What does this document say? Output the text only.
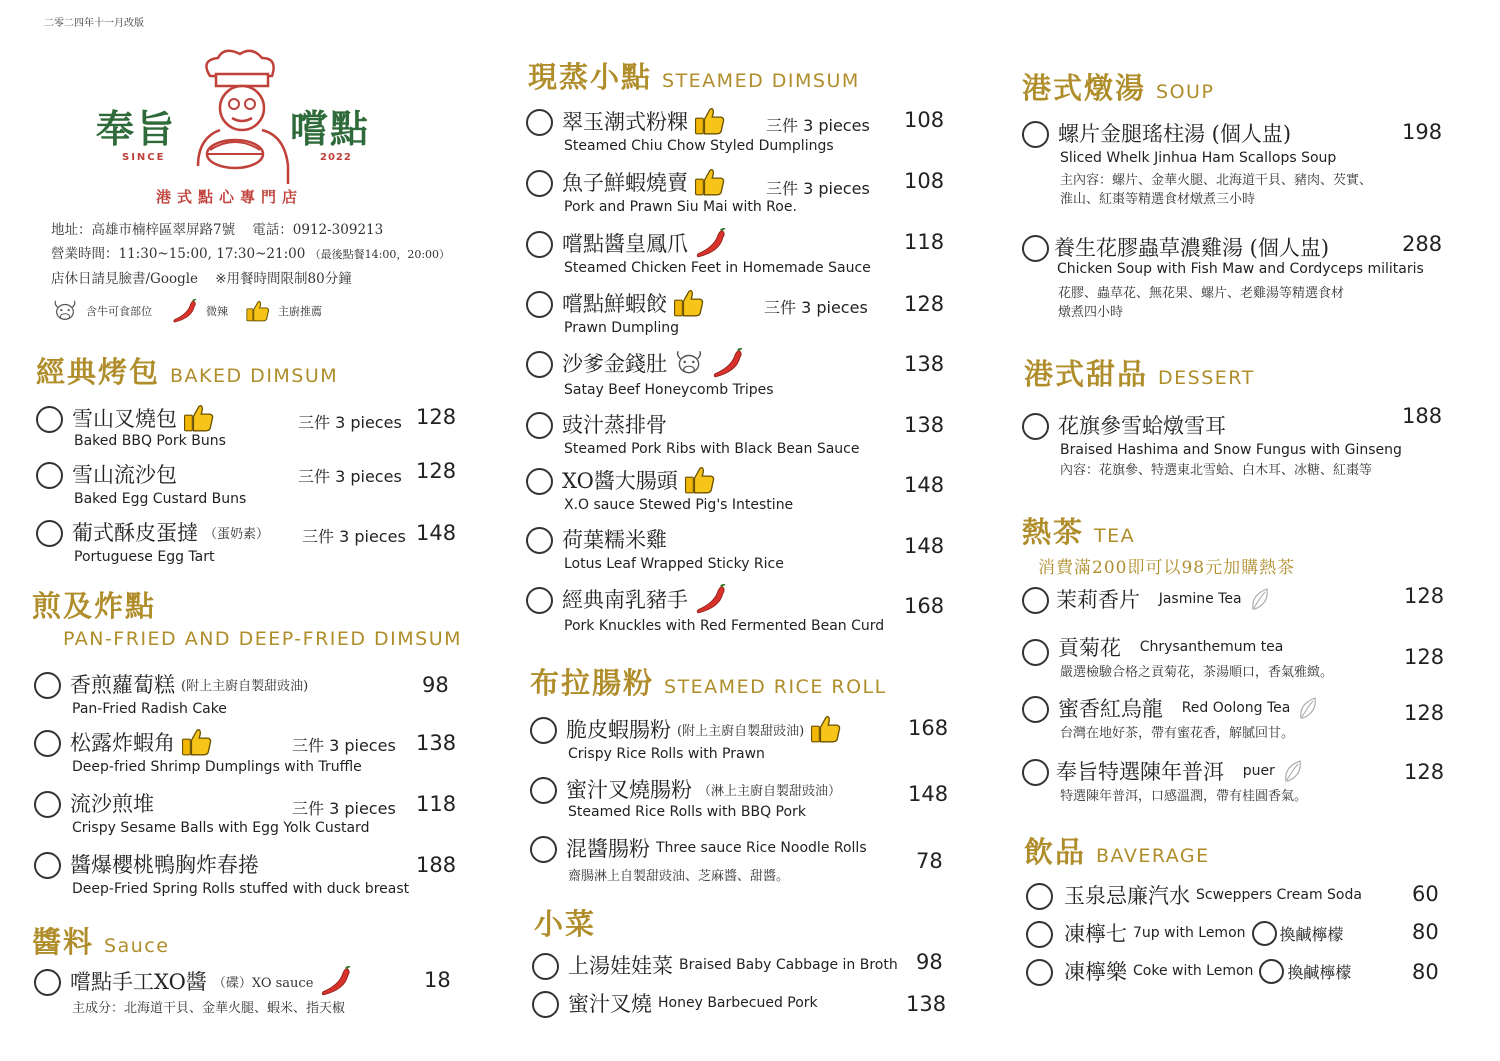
二零二四年十一月改版
奉旨	嚐點
SINCE	2022
港式點心專門店
地址：高雄市楠梓區翠屏路7號 電話：0912-309213
營業時間：11:30~15:00, 17:30~21:00 （最後點餐14:00，20:00）
店休日請見臉書/Google ※用餐時間限制80分鐘
含牛可食部位	微辣	主廚推薦
經典烤包 BAKED DIMSUM
雪山叉燒包	三件 3 pieces 128
Baked BBQ Pork Buns
雪山流沙包	三件 3 pieces 128
Baked Egg Custard Buns
葡式酥皮蛋撻 （蛋奶素） 三件 3 pieces 148
Portuguese Egg Tart
煎及炸點
PAN-FRIED AND DEEP-FRIED DIMSUM
香煎蘿蔔糕 (附上主廚自製甜豉油)	98
Pan-Fried Radish Cake
松露炸蝦角	三件 3 pieces 138
Deep-fried Shrimp Dumplings with Truffle
流沙煎堆	三件 3 pieces 118
Crispy Sesame Balls with Egg Yolk Custard
醬爆櫻桃鴨胸炸春捲	188
Deep-Fried Spring Rolls stuffed with duck breast
醬料 Sauce
嚐點手工XO醬 （碟）XO sauce	18
主成分：北海道干貝、金華火腿、蝦米、指天椒
現蒸小點 STEAMED DIMSUM
翠玉潮式粉粿	三件 3 pieces 108
Steamed Chiu Chow Styled Dumplings
魚子鮮蝦燒賣	三件 3 pieces 108
Pork and Prawn Siu Mai with Roe.
嚐點醬皇鳳爪	118
Steamed Chicken Feet in Homemade Sauce
嚐點鮮蝦餃	三件 3 pieces 128
Prawn Dumpling
沙爹金錢肚	138
Satay Beef Honeycomb Tripes
豉汁蒸排骨	138
Steamed Pork Ribs with Black Bean Sauce
XO醬大腸頭	148
X.O sauce Stewed Pig's Intestine
荷葉糯米雞	148
Lotus Leaf Wrapped Sticky Rice
經典南乳豬手	168
Pork Knuckles with Red Fermented Bean Curd
布拉腸粉 STEAMED RICE ROLL
脆皮蝦腸粉 (附上主廚自製甜豉油)	168
Crispy Rice Rolls with Prawn
蜜汁叉燒腸粉 （淋上主廚自製甜豉油）	148
Steamed Rice Rolls with BBQ Pork
混醬腸粉 Three sauce Rice Noodle Rolls
78
齋腸淋上自製甜豉油、芝麻醬、甜醬。
小菜
上湯娃娃菜 Braised Baby Cabbage in Broth 98
蜜汁叉燒 Honey Barbecued Pork	138
港式燉湯 SOUP
螺片金腿瑤柱湯 (個人盅)	198
Sliced Whelk Jinhua Ham Scallops Soup
主內容：螺片、金華火腿、北海道干貝、豬肉、芡實、
淮山、紅棗等精選食材燉煮三小時
養生花膠蟲草濃雞湯 (個人盅)	288
Chicken Soup with Fish Maw and Cordyceps militaris
花膠、蟲草花、無花果、螺片、老雞湯等精選食材
燉煮四小時
港式甜品 DESSERT
花旗參雪蛤燉雪耳	188
Braised Hashima and Snow Fungus with Ginseng
內容：花旗參、特選東北雪蛤、白木耳、冰糖、紅棗等
熱茶 TEA
消費滿200即可以98元加購熱茶
茉莉香片
Jasmine Tea	128
貢菊花
Chrysanthemum tea	128
嚴選檢驗合格之貢菊花，茶湯順口，香氣雅緻。
蜜香紅烏龍
Red Oolong Tea	128
台灣在地好茶，帶有蜜花香，解膩回甘。
奉旨特選陳年普洱
puer	128
特選陳年普洱，口感溫潤，帶有桂圓香氣。
飲品 BAVERAGE
玉泉忌廉汽水 Scweppers Cream Soda 60
凍檸七 7up with Lemon 換鹹檸檬	80
凍檸樂 Coke with Lemon 換鹹檸檬	80
